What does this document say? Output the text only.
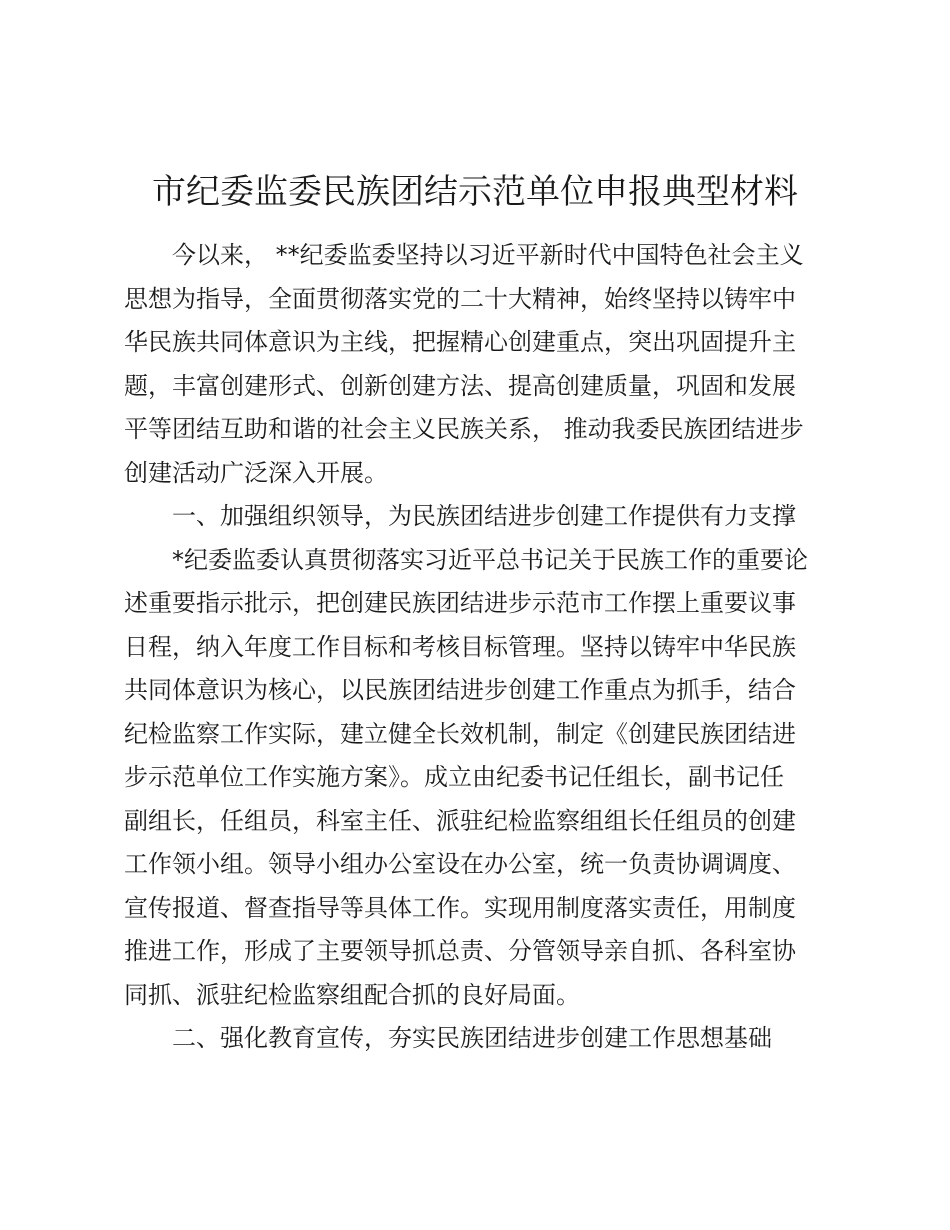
市纪委监委民族团结示范单位申报典型材料
今以来， **纪委监委坚持以习近平新时代中国特色社会主义
思想为指导，全面贯彻落实党的二十大精神，始终坚持以铸牢中
华民族共同体意识为主线，把握精心创建重点，突出巩固提升主
题，丰富创建形式、创新创建方法、提高创建质量，巩固和发展
平等团结互助和谐的社会主义民族关系， 推动我委民族团结进步
创建活动广泛深入开展。
一、加强组织领导，为民族团结进步创建工作提供有力支撑
*纪委监委认真贯彻落实习近平总书记关于民族工作的重要论
述重要指示批示，把创建民族团结进步示范市工作摆上重要议事
日程，纳入年度工作目标和考核目标管理。坚持以铸牢中华民族
共同体意识为核心，以民族团结进步创建工作重点为抓手，结合
纪检监察工作实际，建立健全长效机制，制定《创建民族团结进
步示范单位工作实施方案》。成立由纪委书记任组长，副书记任
副组长，任组员，科室主任、派驻纪检监察组组长任组员的创建
工作领小组。领导小组办公室设在办公室，统一负责协调调度、
宣传报道、督查指导等具体工作。实现用制度落实责任，用制度
推进工作，形成了主要领导抓总责、分管领导亲自抓、各科室协
同抓、派驻纪检监察组配合抓的良好局面。
二、强化教育宣传，夯实民族团结进步创建工作思想基础
